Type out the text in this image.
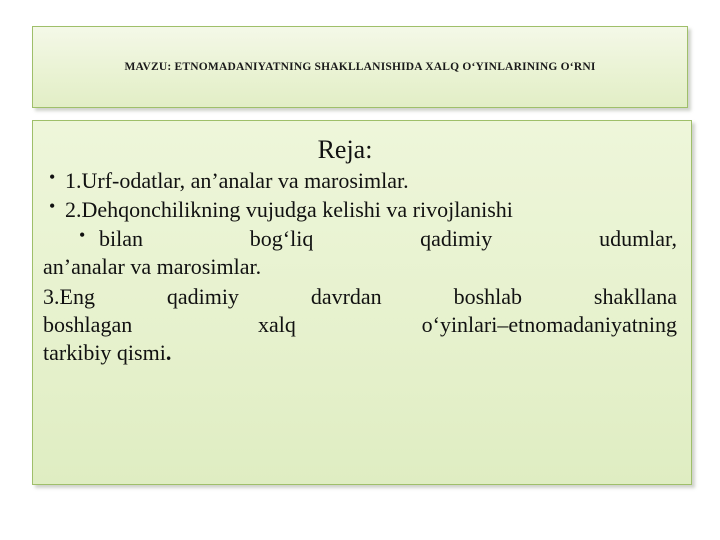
MAVZU: ETNOMADANIYATNING SHAKLLANISHIDA XALQ O‘YINLARINING O‘RNI
Reja:
• 1.Urf-odatlar, an’analar va marosimlar.
• 2.Dehqonchilikning vujudga kelishi va rivojlanishi
• bilan bog‘liq qadimiy udumlar,
an’analar va marosimlar.
3.Eng qadimiy davrdan boshlab shakllana
boshlagan xalq o‘yinlari–etnomadaniyatning
tarkibiy qismi.
